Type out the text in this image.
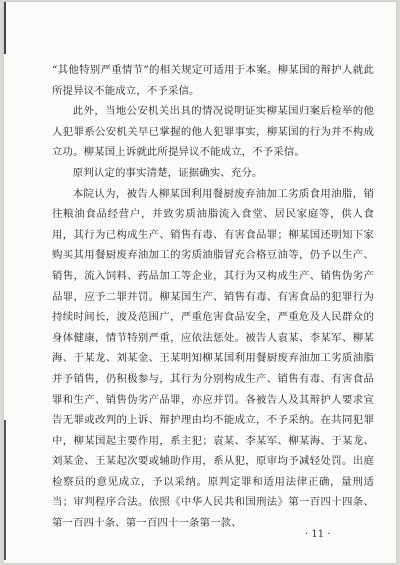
“其他特别严重情节”的相关规定可适用于本案。柳某国的辩护人就此所提异议不能成立，不予采信。

此外，当地公安机关出具的情况说明证实柳某国归案后检举的他人犯罪系公安机关早已掌握的他人犯罪事实，柳某国的行为并不构成立功。柳某国上诉就此所提异议不能成立，不予采信。

原判认定的事实清楚，证据确实、充分。

本院认为，被告人柳某国利用餐厨废弃油加工劣质食用油脂，销往粮油食品经营户，并致劣质油脂流入食堂、居民家庭等，供人食用，其行为已构成生产、销售有毒、有害食品罪；柳某国还明知下家购买其用餐厨废弃油加工的劣质油脂冒充合格豆油等，仍予以生产、销售，流入饲料、药品加工等企业，其行为又构成生产、销售伪劣产品罪，应予二罪并罚。柳某国生产、销售有毒、有害食品的犯罪行为持续时间长，波及范围广，严重危害食品安全，严重危及人民群众的身体健康，情节特别严重，应依法惩处。被告人袁某、李某军、柳某海、于某龙、刘某金、王某明知柳某国利用餐厨废弃油加工劣质油脂并予销售，仍积极参与，其行为分别构成生产、销售有毒、有害食品罪和生产、销售伪劣产品罪，亦应并罚。各被告人及其辩护人要求宣告无罪或改判的上诉、辩护理由均不能成立，不予采纳。在共同犯罪中，柳某国起主要作用，系主犯；袁某、李某军、柳某海、于某龙、刘某金、王某起次要或辅助作用，系从犯，原审均予减轻处罚。出庭检察员的意见成立，予以采纳。原判定罪和适用法律正确，量刑适当；审判程序合法。依照《中华人民共和国刑法》第一百四十四条、第一百四十条、第一百四十一条第一款、

· 11 ·
